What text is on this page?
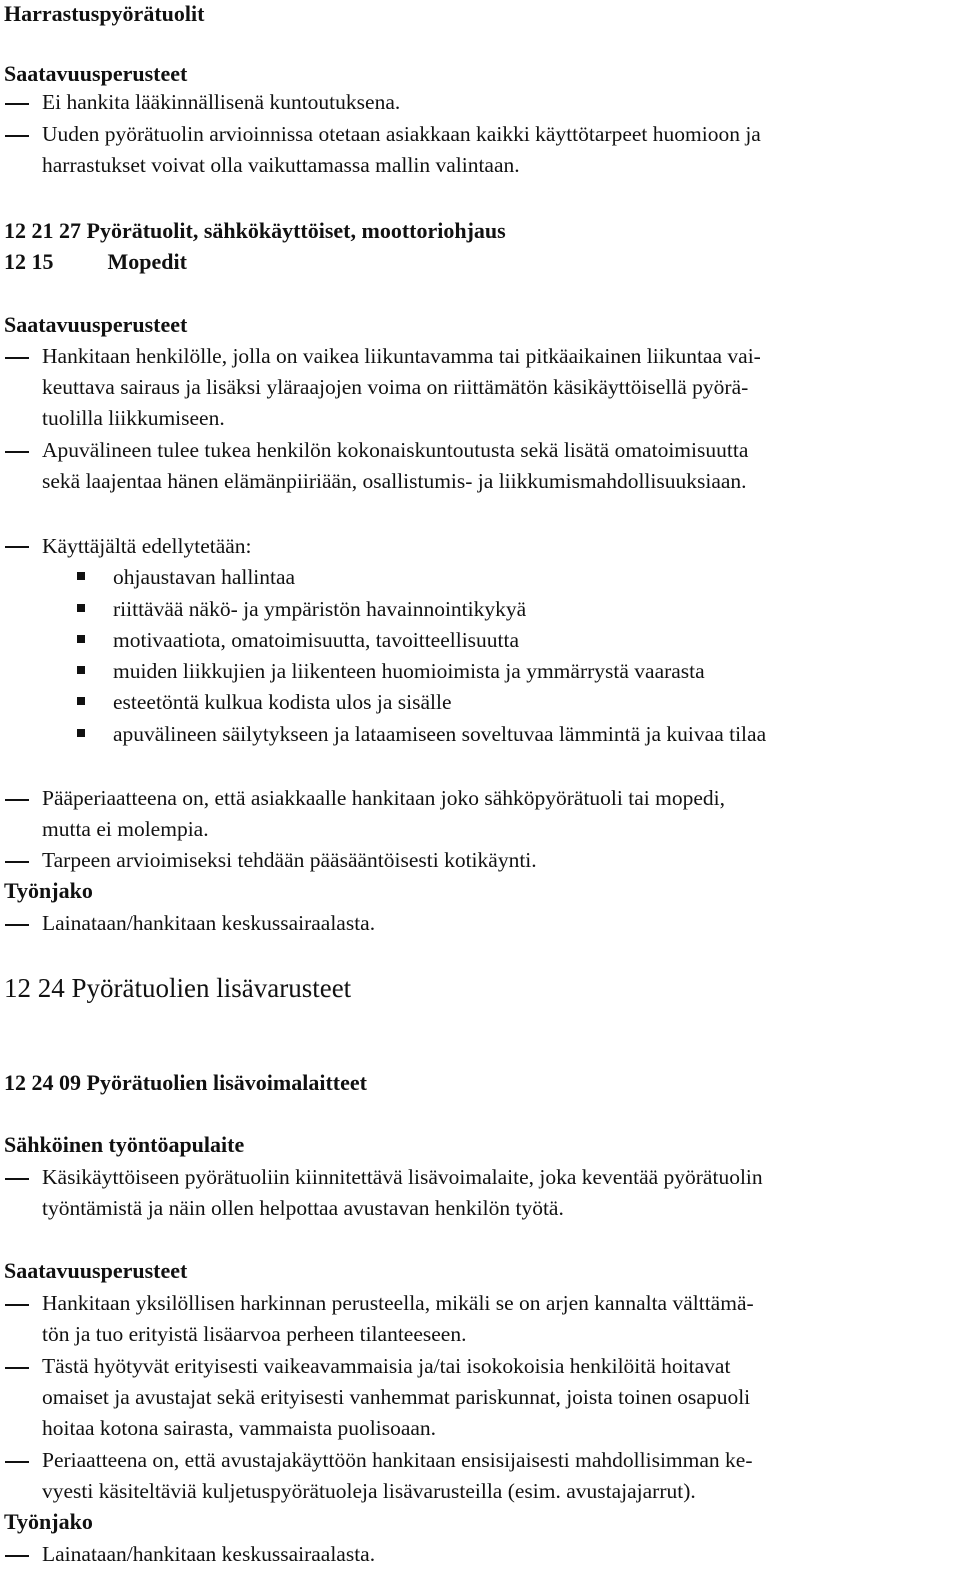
Harrastuspyörätuolit
Saatavuusperusteet
Ei hankita lääkinnällisenä kuntoutuksena.
Uuden pyörätuolin arvioinnissa otetaan asiakkaan kaikki käyttötarpeet huomioon ja
harrastukset voivat olla vaikuttamassa mallin valintaan.
12 21 27 Pyörätuolit, sähkökäyttöiset, moottoriohjaus
12 15 Mopedit
Saatavuusperusteet
Hankitaan henkilölle, jolla on vaikea liikuntavamma tai pitkäaikainen liikuntaa vai-
keuttava sairaus ja lisäksi yläraajojen voima on riittämätön käsikäyttöisellä pyörä-
tuolilla liikkumiseen.
Apuvälineen tulee tukea henkilön kokonaiskuntoutusta sekä lisätä omatoimisuutta
sekä laajentaa hänen elämänpiiriään, osallistumis- ja liikkumismahdollisuuksiaan.
Käyttäjältä edellytetään:
ohjaustavan hallintaa
riittävää näkö- ja ympäristön havainnointikykyä
motivaatiota, omatoimisuutta, tavoitteellisuutta
muiden liikkujien ja liikenteen huomioimista ja ymmärrystä vaarasta
esteetöntä kulkua kodista ulos ja sisälle
apuvälineen säilytykseen ja lataamiseen soveltuvaa lämmintä ja kuivaa tilaa
Pääperiaatteena on, että asiakkaalle hankitaan joko sähköpyörätuoli tai mopedi,
mutta ei molempia.
Tarpeen arvioimiseksi tehdään pääsääntöisesti kotikäynti.
Työnjako
Lainataan/hankitaan keskussairaalasta.
12 24 Pyörätuolien lisävarusteet
12 24 09 Pyörätuolien lisävoimalaitteet
Sähköinen työntöapulaite
Käsikäyttöiseen pyörätuoliin kiinnitettävä lisävoimalaite, joka keventää pyörätuolin
työntämistä ja näin ollen helpottaa avustavan henkilön työtä.
Saatavuusperusteet
Hankitaan yksilöllisen harkinnan perusteella, mikäli se on arjen kannalta välttämä-
tön ja tuo erityistä lisäarvoa perheen tilanteeseen.
Tästä hyötyvät erityisesti vaikeavammaisia ja/tai isokokoisia henkilöitä hoitavat
omaiset ja avustajat sekä erityisesti vanhemmat pariskunnat, joista toinen osapuoli
hoitaa kotona sairasta, vammaista puolisoaan.
Periaatteena on, että avustajakäyttöön hankitaan ensisijaisesti mahdollisimman ke-
vyesti käsiteltäviä kuljetuspyörätuoleja lisävarusteilla (esim. avustajajarrut).
Työnjako
Lainataan/hankitaan keskussairaalasta.
